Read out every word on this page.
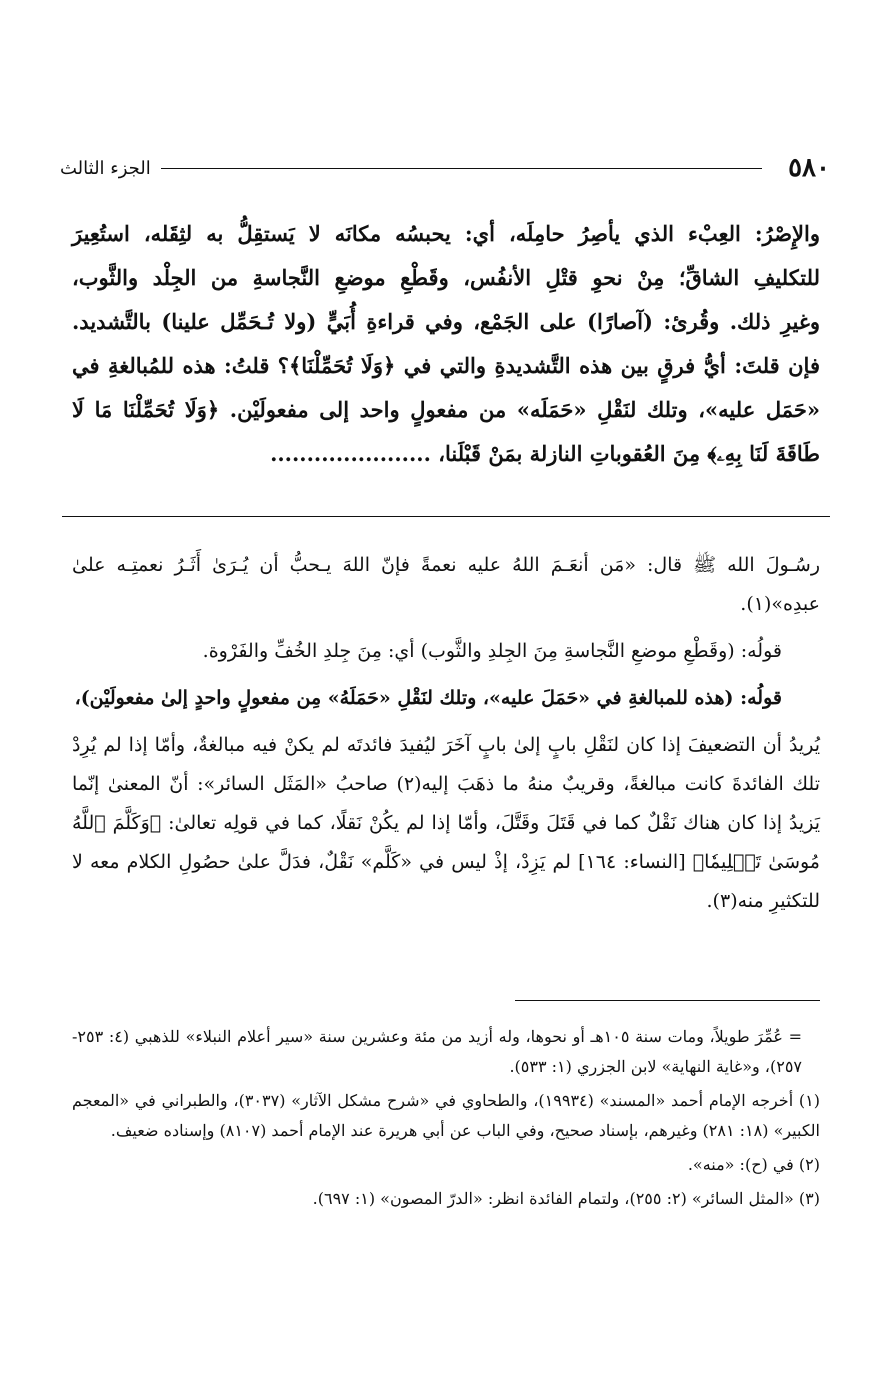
٥٨٠
الجزء الثالث

والإِصْرُ: العِبْء الذي يأصِرُ حامِلَه، أي: يحبسُه مكانَه لا يَستقِلُّ به لثِقَله، استُعِيرَ

للتكليفِ الشاقِّ؛ مِنْ نحوِ قتْلِ الأنفُس، وقَطْعِ موضعِ النَّجاسةِ من الجِلْد والثَّوب،

وغيرِ ذلك. وقُرئ: (آصارًا) على الجَمْع، وفي قراءةِ أُبَيٍّ (ولا تُـحَمِّل علينا) بالتَّشديد.

فإن قلتَ: أيُّ فرقٍ بين هذه التَّشديدةِ والتي في ﴿وَلَا تُحَمِّلْنَا﴾؟ قلتُ: هذه للمُبالغةِ في

«حَمَل عليه»، وتلك لنَقْلِ «حَمَلَه» من مفعولٍ واحد إلى مفعولَيْن. ﴿وَلَا تُحَمِّلْنَا مَا لَا

طَاقَةَ لَنَا بِهِۦ﴾ مِنَ العُقوباتِ النازلة بمَنْ قَبْلَنا، ......................

رسُـولَ الله ﷺ قال: «مَن أنعَـمَ اللهُ عليه نعمةً فإنّ اللهَ يـحبُّ أن يُـرَىٰ أَثَـرُ نعمتِـه علىٰ عبدِه»(١).

قولُه: (وقَطْعِ موضعِ النَّجاسةِ مِنَ الجِلدِ والثَّوب) أي: مِنَ جِلدِ الخُفِّ والفَرْوة.

قولُه: (هذه للمبالغةِ في «حَمَلَ عليه»، وتلك لنَقْلِ «حَمَلَهُ» مِن مفعولٍ واحدٍ إلىٰ مفعولَيْن)،

يُريدُ أن التضعيفَ إذا كان لنَقْلِ بابٍ إلىٰ بابٍ آخَرَ ليُفيدَ فائدتَه لم يكنْ فيه مبالغةٌ، وأمّا إذا لم يُرِدْ تلك الفائدةَ كانت مبالغةً، وقريبٌ منهُ ما ذهَبَ إليه(٢) صاحبُ «المَثَل السائر»: أنّ المعنىٰ إنّما يَزيدُ إذا كان هناك نَقْلٌ كما في قَتَلَ وقَتَّلَ، وأمّا إذا لم يكُنْ نَقلًا، كما في قولِه تعالىٰ: ﴿وَكَلَّمَ ٱللَّهُ مُوسَىٰ تَكۡلِيمٗا﴾ [النساء: ١٦٤] لم يَزِدْ، إذْ ليس في «كَلَّم» نَقْلٌ، فدَلَّ علىٰ حصُولِ الكلام معه لا للتكثيرِ منه(٣).

= عُمِّرَ طويلاً، ومات سنة ١٠٥هـ أو نحوها، وله أزيد من مئة وعشرين سنة «سير أعلام النبلاء» للذهبي (٤: ٢٥٣- ٢٥٧)، و«غاية النهاية» لابن الجزري (١: ٥٣٣).

(١) أخرجه الإمام أحمد «المسند» (١٩٩٣٤)، والطحاوي في «شرح مشكل الآثار» (٣٠٣٧)، والطبراني في «المعجم الكبير» (١٨: ٢٨١) وغيرهم، بإسناد صحيح، وفي الباب عن أبي هريرة عند الإمام أحمد (٨١٠٧) وإسناده ضعيف.

(٢) في (ح): «منه».

(٣) «المثل السائر» (٢: ٢٥٥)، ولتمام الفائدة انظر: «الدرّ المصون» (١: ٦٩٧).
